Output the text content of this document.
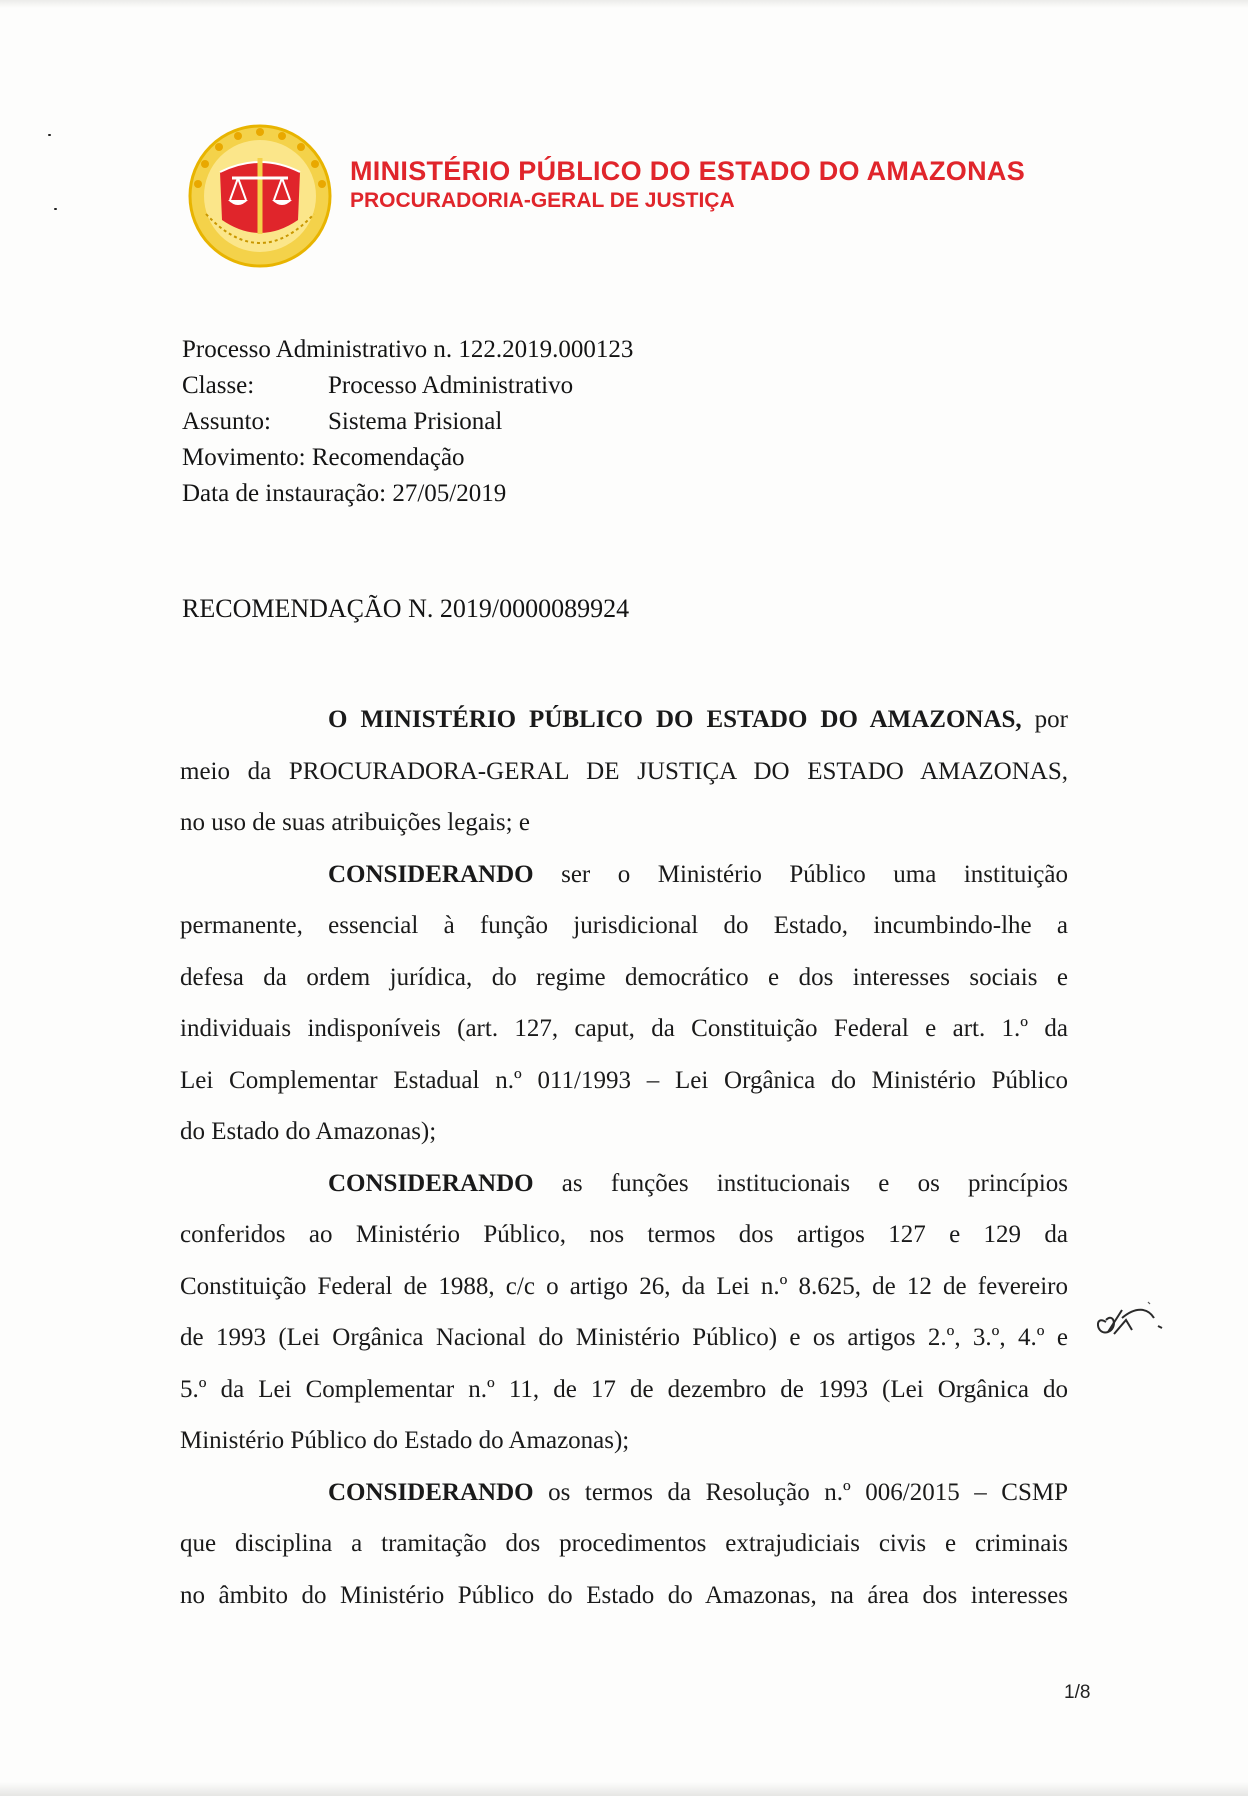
MINISTÉRIO PÚBLICO DO ESTADO DO AMAZONAS
PROCURADORIA-GERAL DE JUSTIÇA
Processo Administrativo n. 122.2019.000123
Classe:	Processo Administrativo
Assunto: Sistema Prisional
Movimento: Recomendação
Data de instauração: 27/05/2019
RECOMENDAÇÃO N. 2019/0000089924
O MINISTÉRIO PÚBLICO DO ESTADO DO AMAZONAS, por
meio da PROCURADORA-GERAL DE JUSTIÇA DO ESTADO AMAZONAS,
no uso de suas atribuições legais; e
CONSIDERANDO ser o Ministério Público uma instituição
permanente, essencial à função jurisdicional do Estado, incumbindo-lhe a
defesa da ordem jurídica, do regime democrático e dos interesses sociais e
individuais indisponíveis (art. 127, caput, da Constituição Federal e art. 1.º da
Lei Complementar Estadual n.º 011/1993 – Lei Orgânica do Ministério Público
do Estado do Amazonas);
CONSIDERANDO as funções institucionais e os princípios
conferidos ao Ministério Público, nos termos dos artigos 127 e 129 da
Constituição Federal de 1988, c/c o artigo 26, da Lei n.º 8.625, de 12 de fevereiro
de 1993 (Lei Orgânica Nacional do Ministério Público) e os artigos 2.º, 3.º, 4.º e
5.º da Lei Complementar n.º 11, de 17 de dezembro de 1993 (Lei Orgânica do
Ministério Público do Estado do Amazonas);
CONSIDERANDO os termos da Resolução n.º 006/2015 – CSMP
que disciplina a tramitação dos procedimentos extrajudiciais civis e criminais
no âmbito do Ministério Público do Estado do Amazonas, na área dos interesses
1/8
